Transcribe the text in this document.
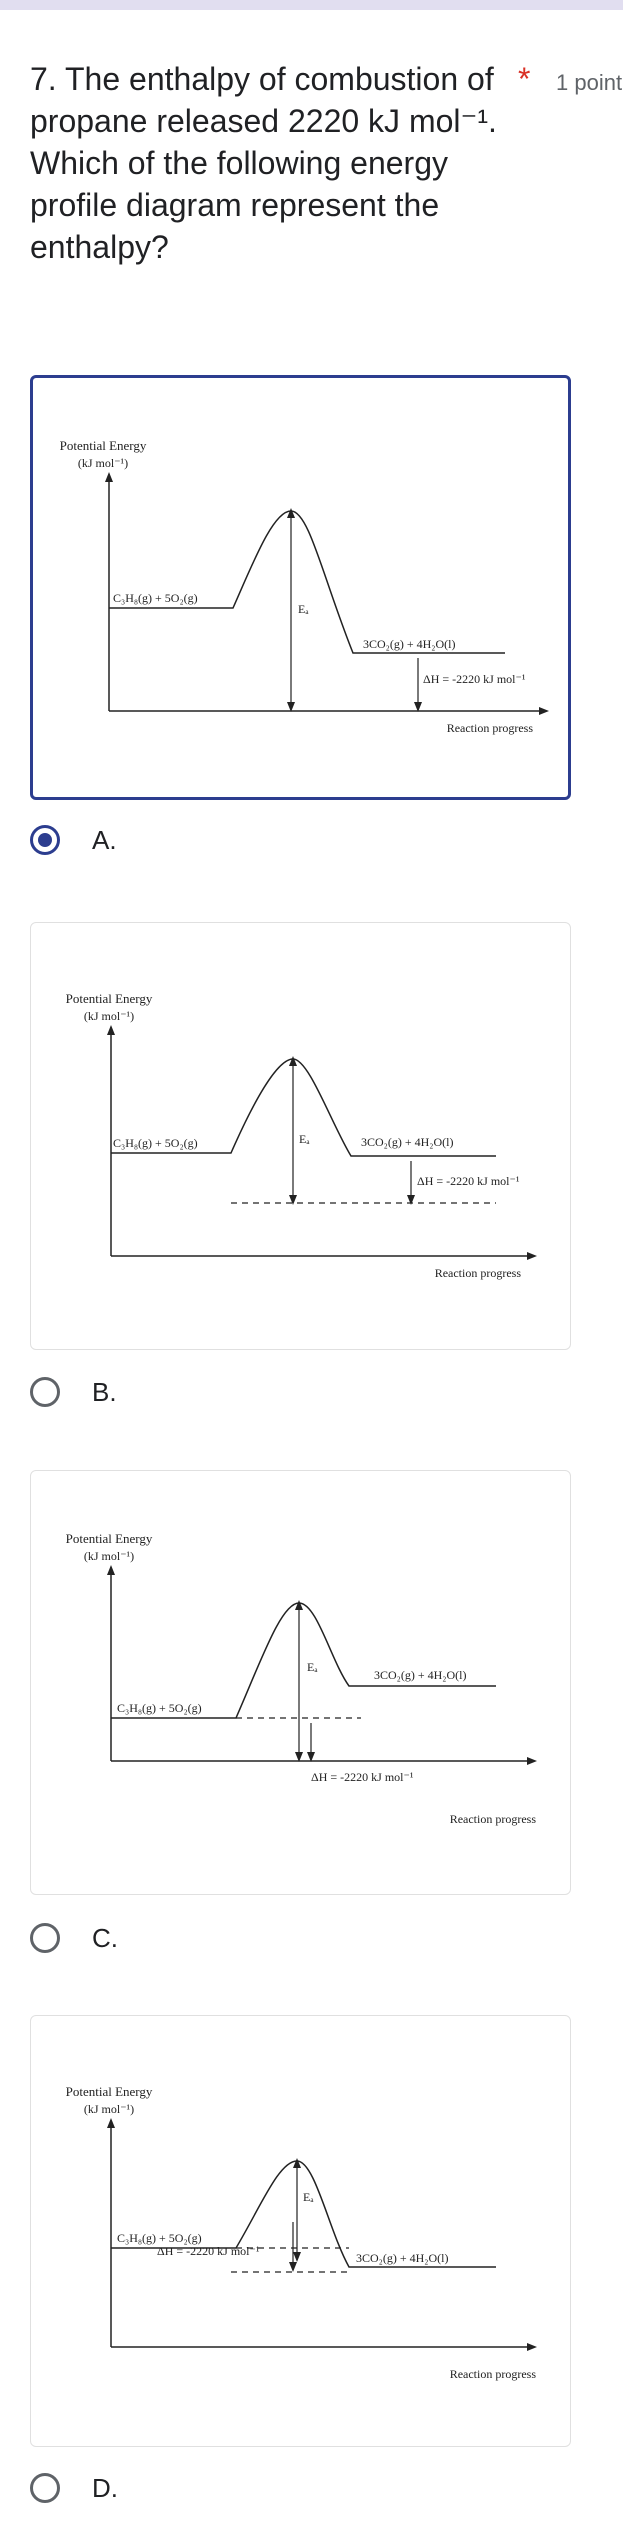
7. The enthalpy of combustion of
propane released 2220 kJ mol⁻¹.
Which of the following energy
profile diagram represent the
enthalpy?
* 1 point
Potential Energy
(kJ mol⁻¹)
C₃H₈(g) + 5O₂(g)
3CO₂(g) + 4H₂O(l)
Eₐ
ΔH = -2220 kJ mol⁻¹
Reaction progress
A.
Potential Energy
(kJ mol⁻¹)
C₃H₈(g) + 5O₂(g)	3CO₂(g) + 4H₂O(l)
Eₐ
ΔH = -2220 kJ mol⁻¹
Reaction progress
B.
Potential Energy
(kJ mol⁻¹)
C₃H₈(g) + 5O₂(g)
3CO₂(g) + 4H₂O(l)
Eₐ
ΔH = -2220 kJ mol⁻¹
Reaction progress
C.
Potential Energy
(kJ mol⁻¹)
C₃H₈(g) + 5O₂(g)
3CO₂(g) + 4H₂O(l)
Eₐ
ΔH = -2220 kJ mol⁻¹
Reaction progress
D.
